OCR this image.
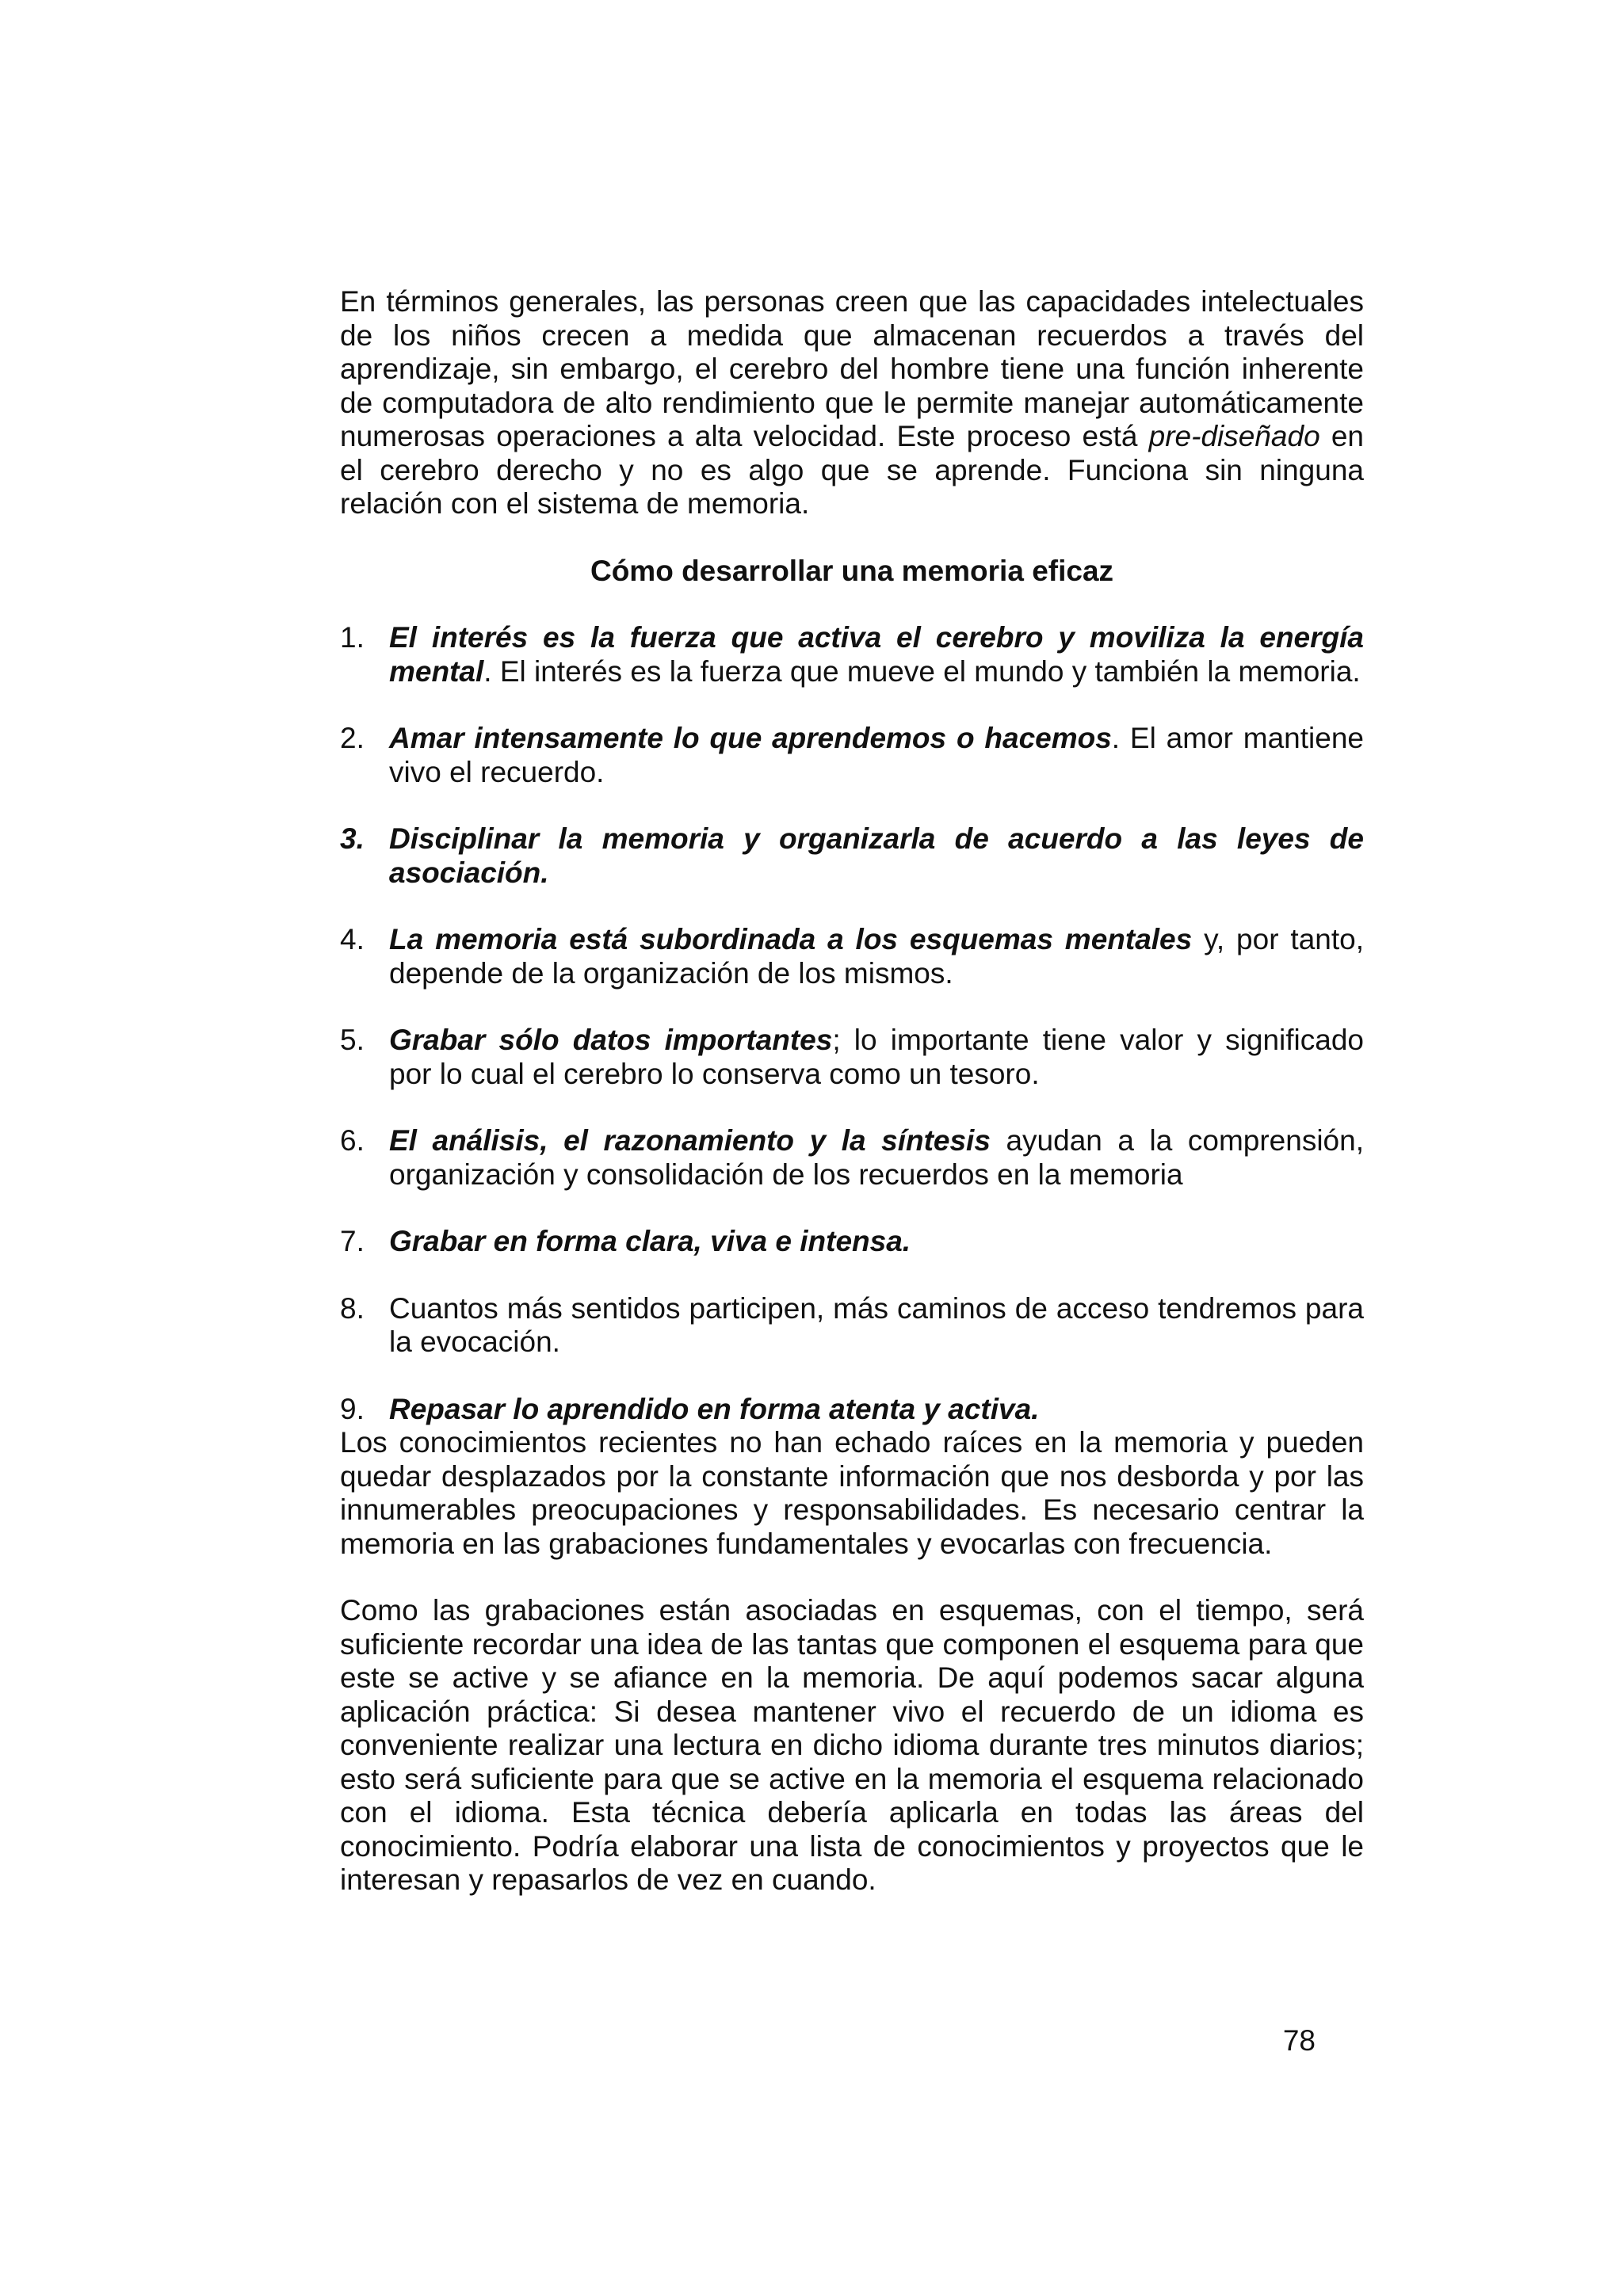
En términos generales, las personas creen que las capacidades intelectuales de los niños crecen a medida que almacenan recuerdos a través del aprendizaje, sin embargo, el cerebro del hombre tiene una función inherente de computadora de alto rendimiento que le permite manejar automáticamente numerosas operaciones a alta velocidad. Este proceso está pre-diseñado en el cerebro derecho y no es algo que se aprende. Funciona sin ninguna relación con el sistema de memoria.

Cómo desarrollar una memoria eficaz

1. El interés es la fuerza que activa el cerebro y moviliza la energía mental. El interés es la fuerza que mueve el mundo y también la memoria.
2. Amar intensamente lo que aprendemos o hacemos. El amor mantiene vivo el recuerdo.
3. Disciplinar la memoria y organizarla de acuerdo a las leyes de asociación.
4. La memoria está subordinada a los esquemas mentales y, por tanto, depende de la organización de los mismos.
5. Grabar sólo datos importantes; lo importante tiene valor y significado por lo cual el cerebro lo conserva como un tesoro.
6. El análisis, el razonamiento y la síntesis ayudan a la comprensión, organización y consolidación de los recuerdos en la memoria
7. Grabar en forma clara, viva e intensa.
8. Cuantos más sentidos participen, más caminos de acceso tendremos para la evocación.
9. Repasar lo aprendido en forma atenta y activa.

Los conocimientos recientes no han echado raíces en la memoria y pueden quedar desplazados por la constante información que nos desborda y por las innumerables preocupaciones y responsabilidades. Es necesario centrar la memoria en las grabaciones fundamentales y evocarlas con frecuencia.

Como las grabaciones están asociadas en esquemas, con el tiempo, será suficiente recordar una idea de las tantas que componen el esquema para que este se active y se afiance en la memoria. De aquí podemos sacar alguna aplicación práctica: Si desea mantener vivo el recuerdo de un idioma es conveniente realizar una lectura en dicho idioma durante tres minutos diarios; esto será suficiente para que se active en la memoria el esquema relacionado con el idioma. Esta técnica debería aplicarla en todas las áreas del conocimiento. Podría elaborar una lista de conocimientos y proyectos que le interesan y repasarlos de vez en cuando.

78
